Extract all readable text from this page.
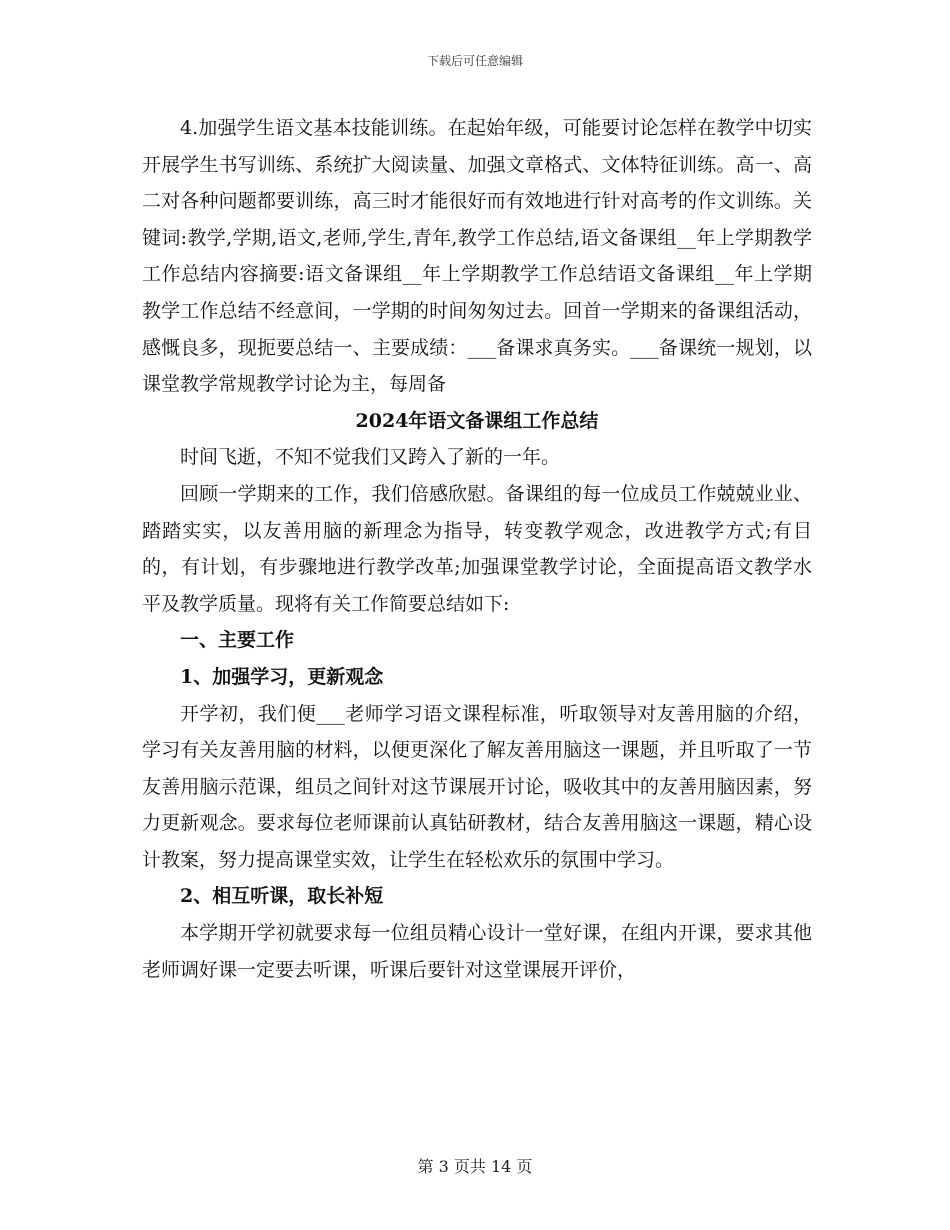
下载后可任意编辑

4.加强学生语文基本技能训练。在起始年级，可能要讨论怎样在教学中切实开展学生书写训练、系统扩大阅读量、加强文章格式、文体特征训练。高一、高二对各种问题都要训练，高三时才能很好而有效地进行针对高考的作文训练。关键词:教学,学期,语文,老师,学生,青年,教学工作总结,语文备课组__年上学期教学工作总结内容摘要:语文备课组__年上学期教学工作总结语文备课组__年上学期教学工作总结不经意间，一学期的时间匆匆过去。回首一学期来的备课组活动，感慨良多，现扼要总结一、主要成绩：___备课求真务实。___备课统一规划，以课堂教学常规教学讨论为主，每周备

2024年语文备课组工作总结

时间飞逝，不知不觉我们又跨入了新的一年。

回顾一学期来的工作，我们倍感欣慰。备课组的每一位成员工作兢兢业业、踏踏实实，以友善用脑的新理念为指导，转变教学观念，改进教学方式;有目的，有计划，有步骤地进行教学改革;加强课堂教学讨论，全面提高语文教学水平及教学质量。现将有关工作简要总结如下:

一、主要工作

1、加强学习，更新观念

开学初，我们便___老师学习语文课程标准，听取领导对友善用脑的介绍，学习有关友善用脑的材料，以便更深化了解友善用脑这一课题，并且听取了一节友善用脑示范课，组员之间针对这节课展开讨论，吸收其中的友善用脑因素，努力更新观念。要求每位老师课前认真钻研教材，结合友善用脑这一课题，精心设计教案，努力提高课堂实效，让学生在轻松欢乐的氛围中学习。

2、相互听课，取长补短

本学期开学初就要求每一位组员精心设计一堂好课，在组内开课，要求其他老师调好课一定要去听课，听课后要针对这堂课展开评价，

第 3 页共 14 页
